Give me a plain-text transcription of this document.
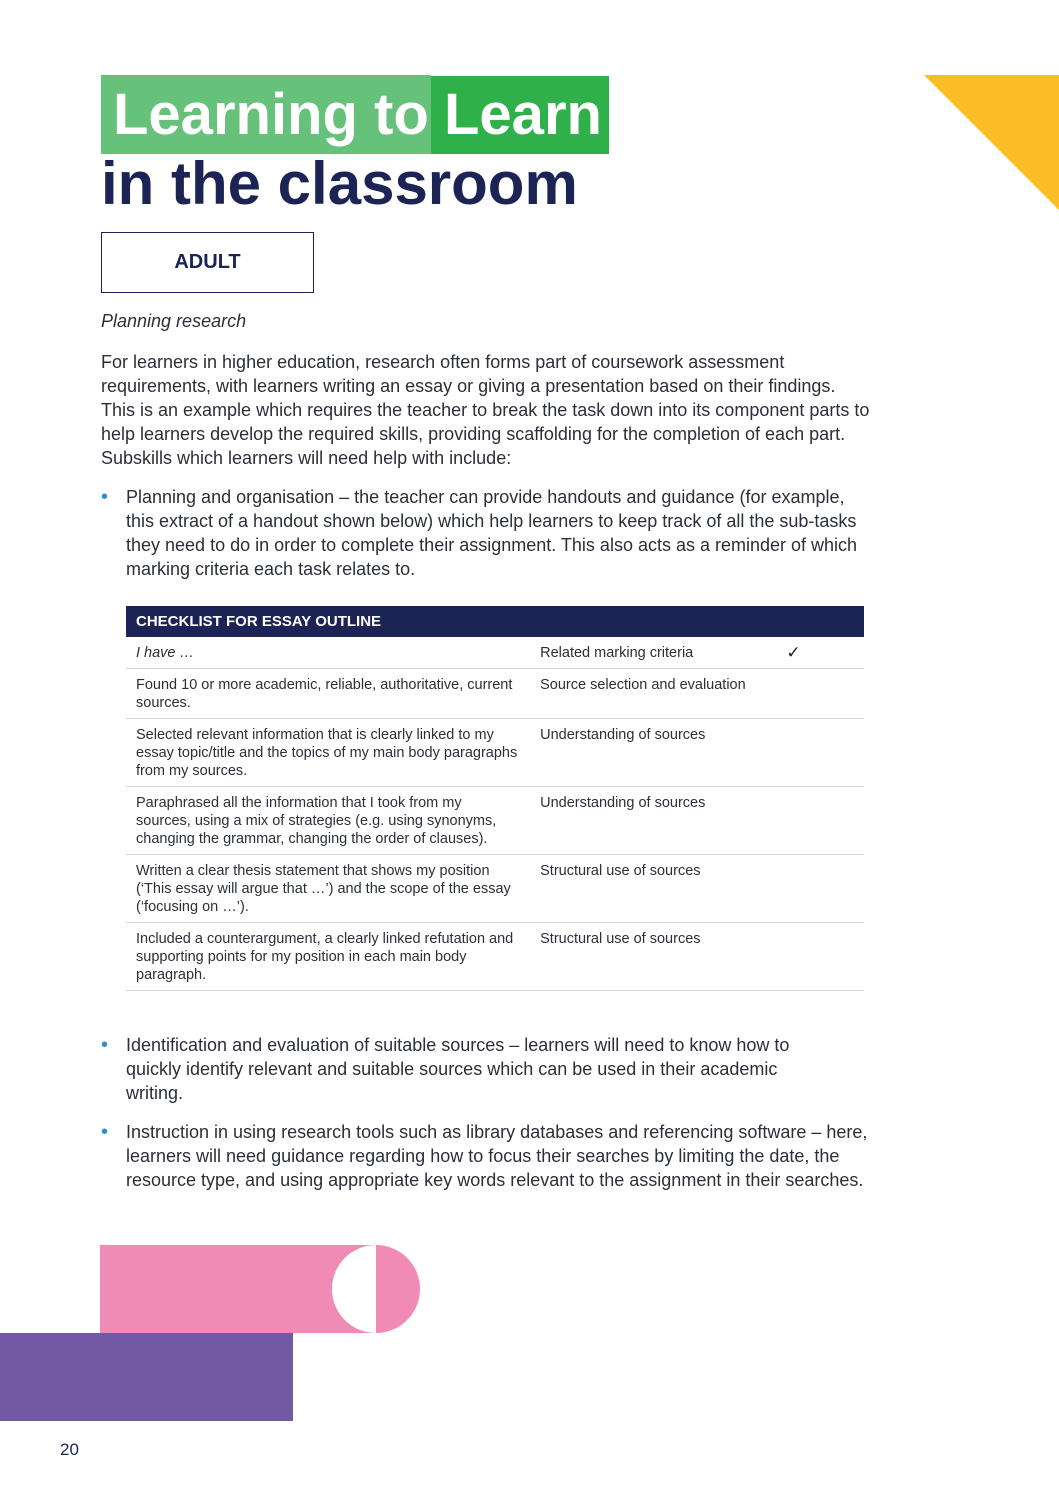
Learning to Learn
in the classroom
ADULT
Planning research

For learners in higher education, research often forms part of coursework assessment requirements, with learners writing an essay or giving a presentation based on their findings. This is an example which requires the teacher to break the task down into its component parts to help learners develop the required skills, providing scaffolding for the completion of each part. Subskills which learners will need help with include:

• Planning and organisation – the teacher can provide handouts and guidance (for example, this extract of a handout shown below) which help learners to keep track of all the sub-tasks they need to do in order to complete their assignment. This also acts as a reminder of which marking criteria each task relates to.
CHECKLIST FOR ESSAY OUTLINE		
I have …	Related marking criteria	✓
Found 10 or more academic, reliable, authoritative, current sources.	Source selection and evaluation	
Selected relevant information that is clearly linked to my essay topic/title and the topics of my main body paragraphs from my sources.	Understanding of sources	
Paraphrased all the information that I took from my sources, using a mix of strategies (e.g. using synonyms, changing the grammar, changing the order of clauses).	Understanding of sources	
Written a clear thesis statement that shows my position (‘This essay will argue that …’) and the scope of the essay (‘focusing on …’).	Structural use of sources	
Included a counterargument, a clearly linked refutation and supporting points for my position in each main body paragraph.	Structural use of sources	
• Identification and evaluation of suitable sources – learners will need to know how to quickly identify relevant and suitable sources which can be used in their academic writing.
• Instruction in using research tools such as library databases and referencing software – here, learners will need guidance regarding how to focus their searches by limiting the date, the resource type, and using appropriate key words relevant to the assignment in their searches.
20
